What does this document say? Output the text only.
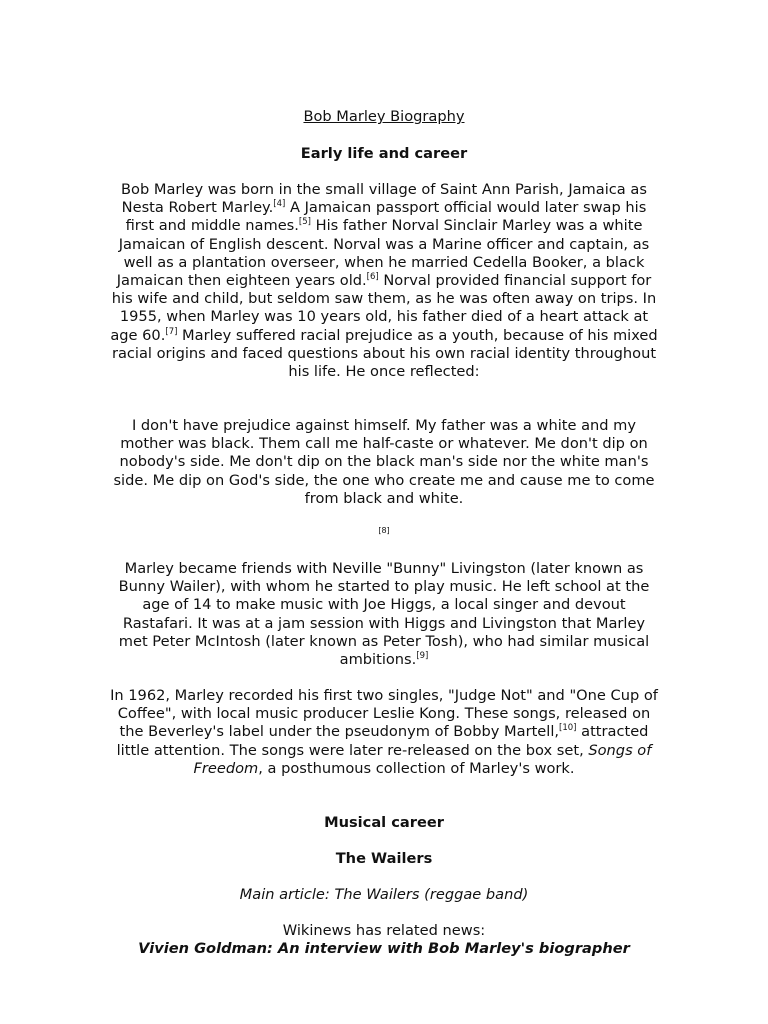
Bob Marley Biography
Early life and career

Bob Marley was born in the small village of Saint Ann Parish, Jamaica as Nesta Robert Marley.[4] A Jamaican passport official would later swap his first and middle names.[5] His father Norval Sinclair Marley was a white Jamaican of English descent. Norval was a Marine officer and captain, as well as a plantation overseer, when he married Cedella Booker, a black Jamaican then eighteen years old.[6] Norval provided financial support for his wife and child, but seldom saw them, as he was often away on trips. In 1955, when Marley was 10 years old, his father died of a heart attack at age 60.[7] Marley suffered racial prejudice as a youth, because of his mixed racial origins and faced questions about his own racial identity throughout his life. He once reflected:

I don't have prejudice against himself. My father was a white and my mother was black. Them call me half-caste or whatever. Me don't dip on nobody's side. Me don't dip on the black man's side nor the white man's side. Me dip on God's side, the one who create me and cause me to come from black and white.

[8]

Marley became friends with Neville "Bunny" Livingston (later known as Bunny Wailer), with whom he started to play music. He left school at the age of 14 to make music with Joe Higgs, a local singer and devout Rastafari. It was at a jam session with Higgs and Livingston that Marley met Peter McIntosh (later known as Peter Tosh), who had similar musical ambitions.[9]

In 1962, Marley recorded his first two singles, "Judge Not" and "One Cup of Coffee", with local music producer Leslie Kong. These songs, released on the Beverley's label under the pseudonym of Bobby Martell,[10] attracted little attention. The songs were later re-released on the box set, Songs of Freedom, a posthumous collection of Marley's work.

Musical career
The Wailers
Main article: The Wailers (reggae band)
Wikinews has related news:
Vivien Goldman: An interview with Bob Marley's biographer
